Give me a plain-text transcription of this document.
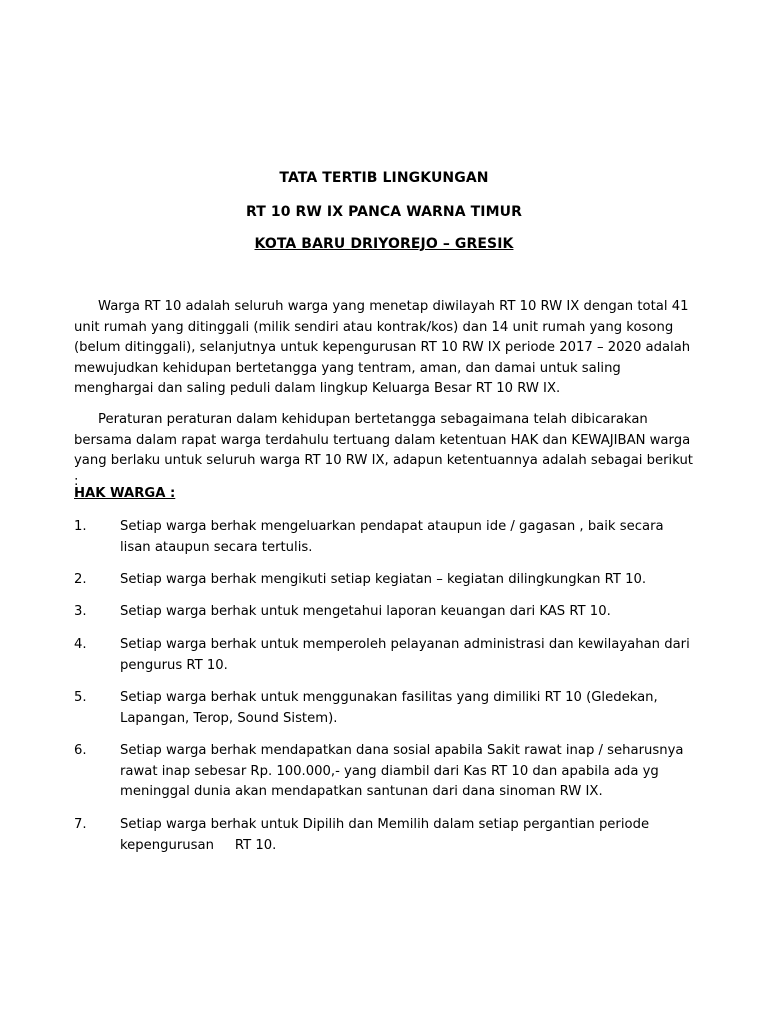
TATA TERTIB LINGKUNGAN
RT 10 RW IX PANCA WARNA TIMUR
KOTA BARU DRIYOREJO – GRESIK

Warga RT 10 adalah seluruh warga yang menetap diwilayah RT 10 RW IX dengan total 41 unit rumah yang ditinggali (milik sendiri atau kontrak/kos) dan 14 unit rumah yang kosong (belum ditinggali), selanjutnya untuk kepengurusan RT 10 RW IX periode 2017 – 2020 adalah mewujudkan kehidupan bertetangga yang tentram, aman, dan damai untuk saling menghargai dan saling peduli dalam lingkup Keluarga Besar RT 10 RW IX.

Peraturan peraturan dalam kehidupan bertetangga sebagaimana telah dibicarakan bersama dalam rapat warga terdahulu tertuang dalam ketentuan HAK dan KEWAJIBAN warga yang berlaku untuk seluruh warga RT 10 RW IX, adapun ketentuannya adalah sebagai berikut :

HAK WARGA :
1.	Setiap warga berhak mengeluarkan pendapat ataupun ide / gagasan , baik secara lisan ataupun secara tertulis.
2.	Setiap warga berhak mengikuti setiap kegiatan – kegiatan dilingkungkan RT 10.
3.	Setiap warga berhak untuk mengetahui laporan keuangan dari KAS RT 10.
4.	Setiap warga berhak untuk memperoleh pelayanan administrasi dan kewilayahan dari pengurus RT 10.
5.	Setiap warga berhak untuk menggunakan fasilitas yang dimiliki RT 10 (Gledekan, Lapangan, Terop, Sound Sistem).
6.	Setiap warga berhak mendapatkan dana sosial apabila Sakit rawat inap / seharusnya rawat inap sebesar Rp. 100.000,- yang diambil dari Kas RT 10 dan apabila ada yg meninggal dunia akan mendapatkan santunan dari dana sinoman RW IX.
7.	Setiap warga berhak untuk Dipilih dan Memilih dalam setiap pergantian periode kepengurusan     RT 10.
